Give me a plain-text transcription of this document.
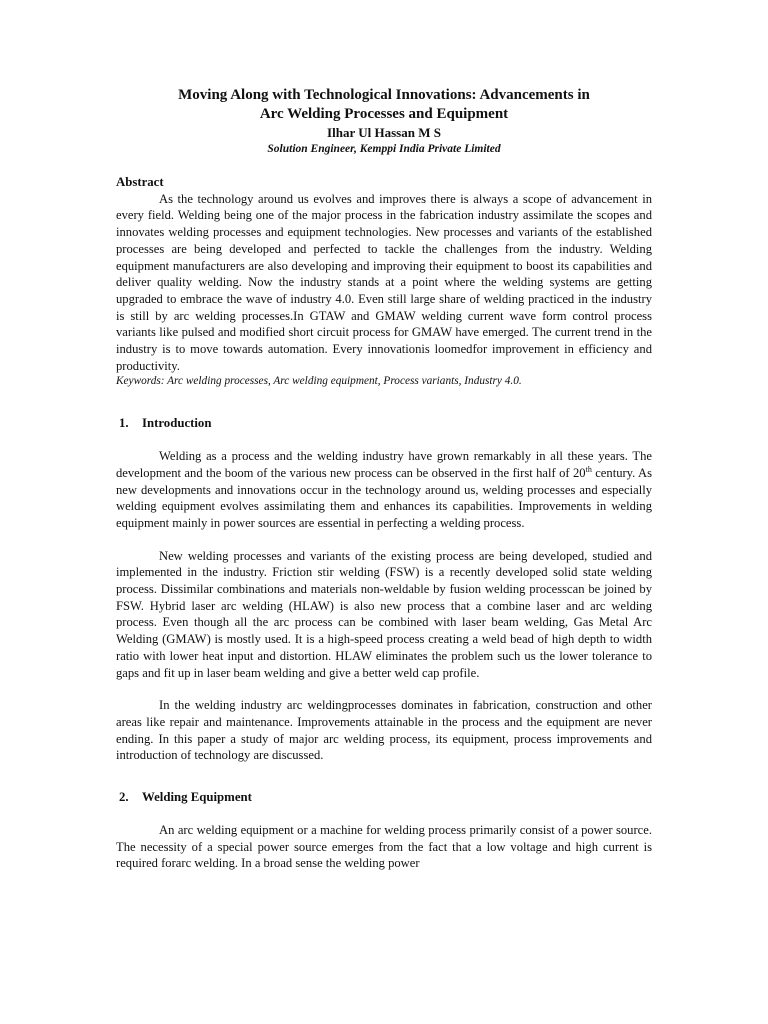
Moving Along with Technological Innovations: Advancements in

Arc Welding Processes and Equipment

Ilhar Ul Hassan M S

Solution Engineer, Kemppi India Private Limited

Abstract

As the technology around us evolves and improves there is always a scope of advancement in every field. Welding being one of the major process in the fabrication industry assimilate the scopes and innovates welding processes and equipment technologies. New processes and variants of the established processes are being developed and perfected to tackle the challenges from the industry. Welding equipment manufacturers are also developing and improving their equipment to boost its capabilities and deliver quality welding. Now the industry stands at a point where the welding systems are getting upgraded to embrace the wave of industry 4.0. Even still large share of welding practiced in the industry is still by arc welding processes.In GTAW and GMAW welding current wave form control process variants like pulsed and modified short circuit process for GMAW have emerged. The current trend in the industry is to move towards automation. Every innovationis loomedfor improvement in efficiency and productivity.

Keywords: Arc welding processes, Arc welding equipment, Process variants, Industry 4.0.

1. Introduction

Welding as a process and the welding industry have grown remarkably in all these years. The development and the boom of the various new process can be observed in the first half of 20th century. As new developments and innovations occur in the technology around us, welding processes and especially welding equipment evolves assimilating them and enhances its capabilities. Improvements in welding equipment mainly in power sources are essential in perfecting a welding process.

New welding processes and variants of the existing process are being developed, studied and implemented in the industry. Friction stir welding (FSW) is a recently developed solid state welding process. Dissimilar combinations and materials non-weldable by fusion welding processcan be joined by FSW. Hybrid laser arc welding (HLAW) is also new process that a combine laser and arc welding process. Even though all the arc process can be combined with laser beam welding, Gas Metal Arc Welding (GMAW) is mostly used. It is a high-speed process creating a weld bead of high depth to width ratio with lower heat input and distortion. HLAW eliminates the problem such us the lower tolerance to gaps and fit up in laser beam welding and give a better weld cap profile.

In the welding industry arc weldingprocesses dominates in fabrication, construction and other areas like repair and maintenance. Improvements attainable in the process and the equipment are never ending. In this paper a study of major arc welding process, its equipment, process improvements and introduction of technology are discussed.

2. Welding Equipment

An arc welding equipment or a machine for welding process primarily consist of a power source. The necessity of a special power source emerges from the fact that a low voltage and high current is required forarc welding. In a broad sense the welding power
